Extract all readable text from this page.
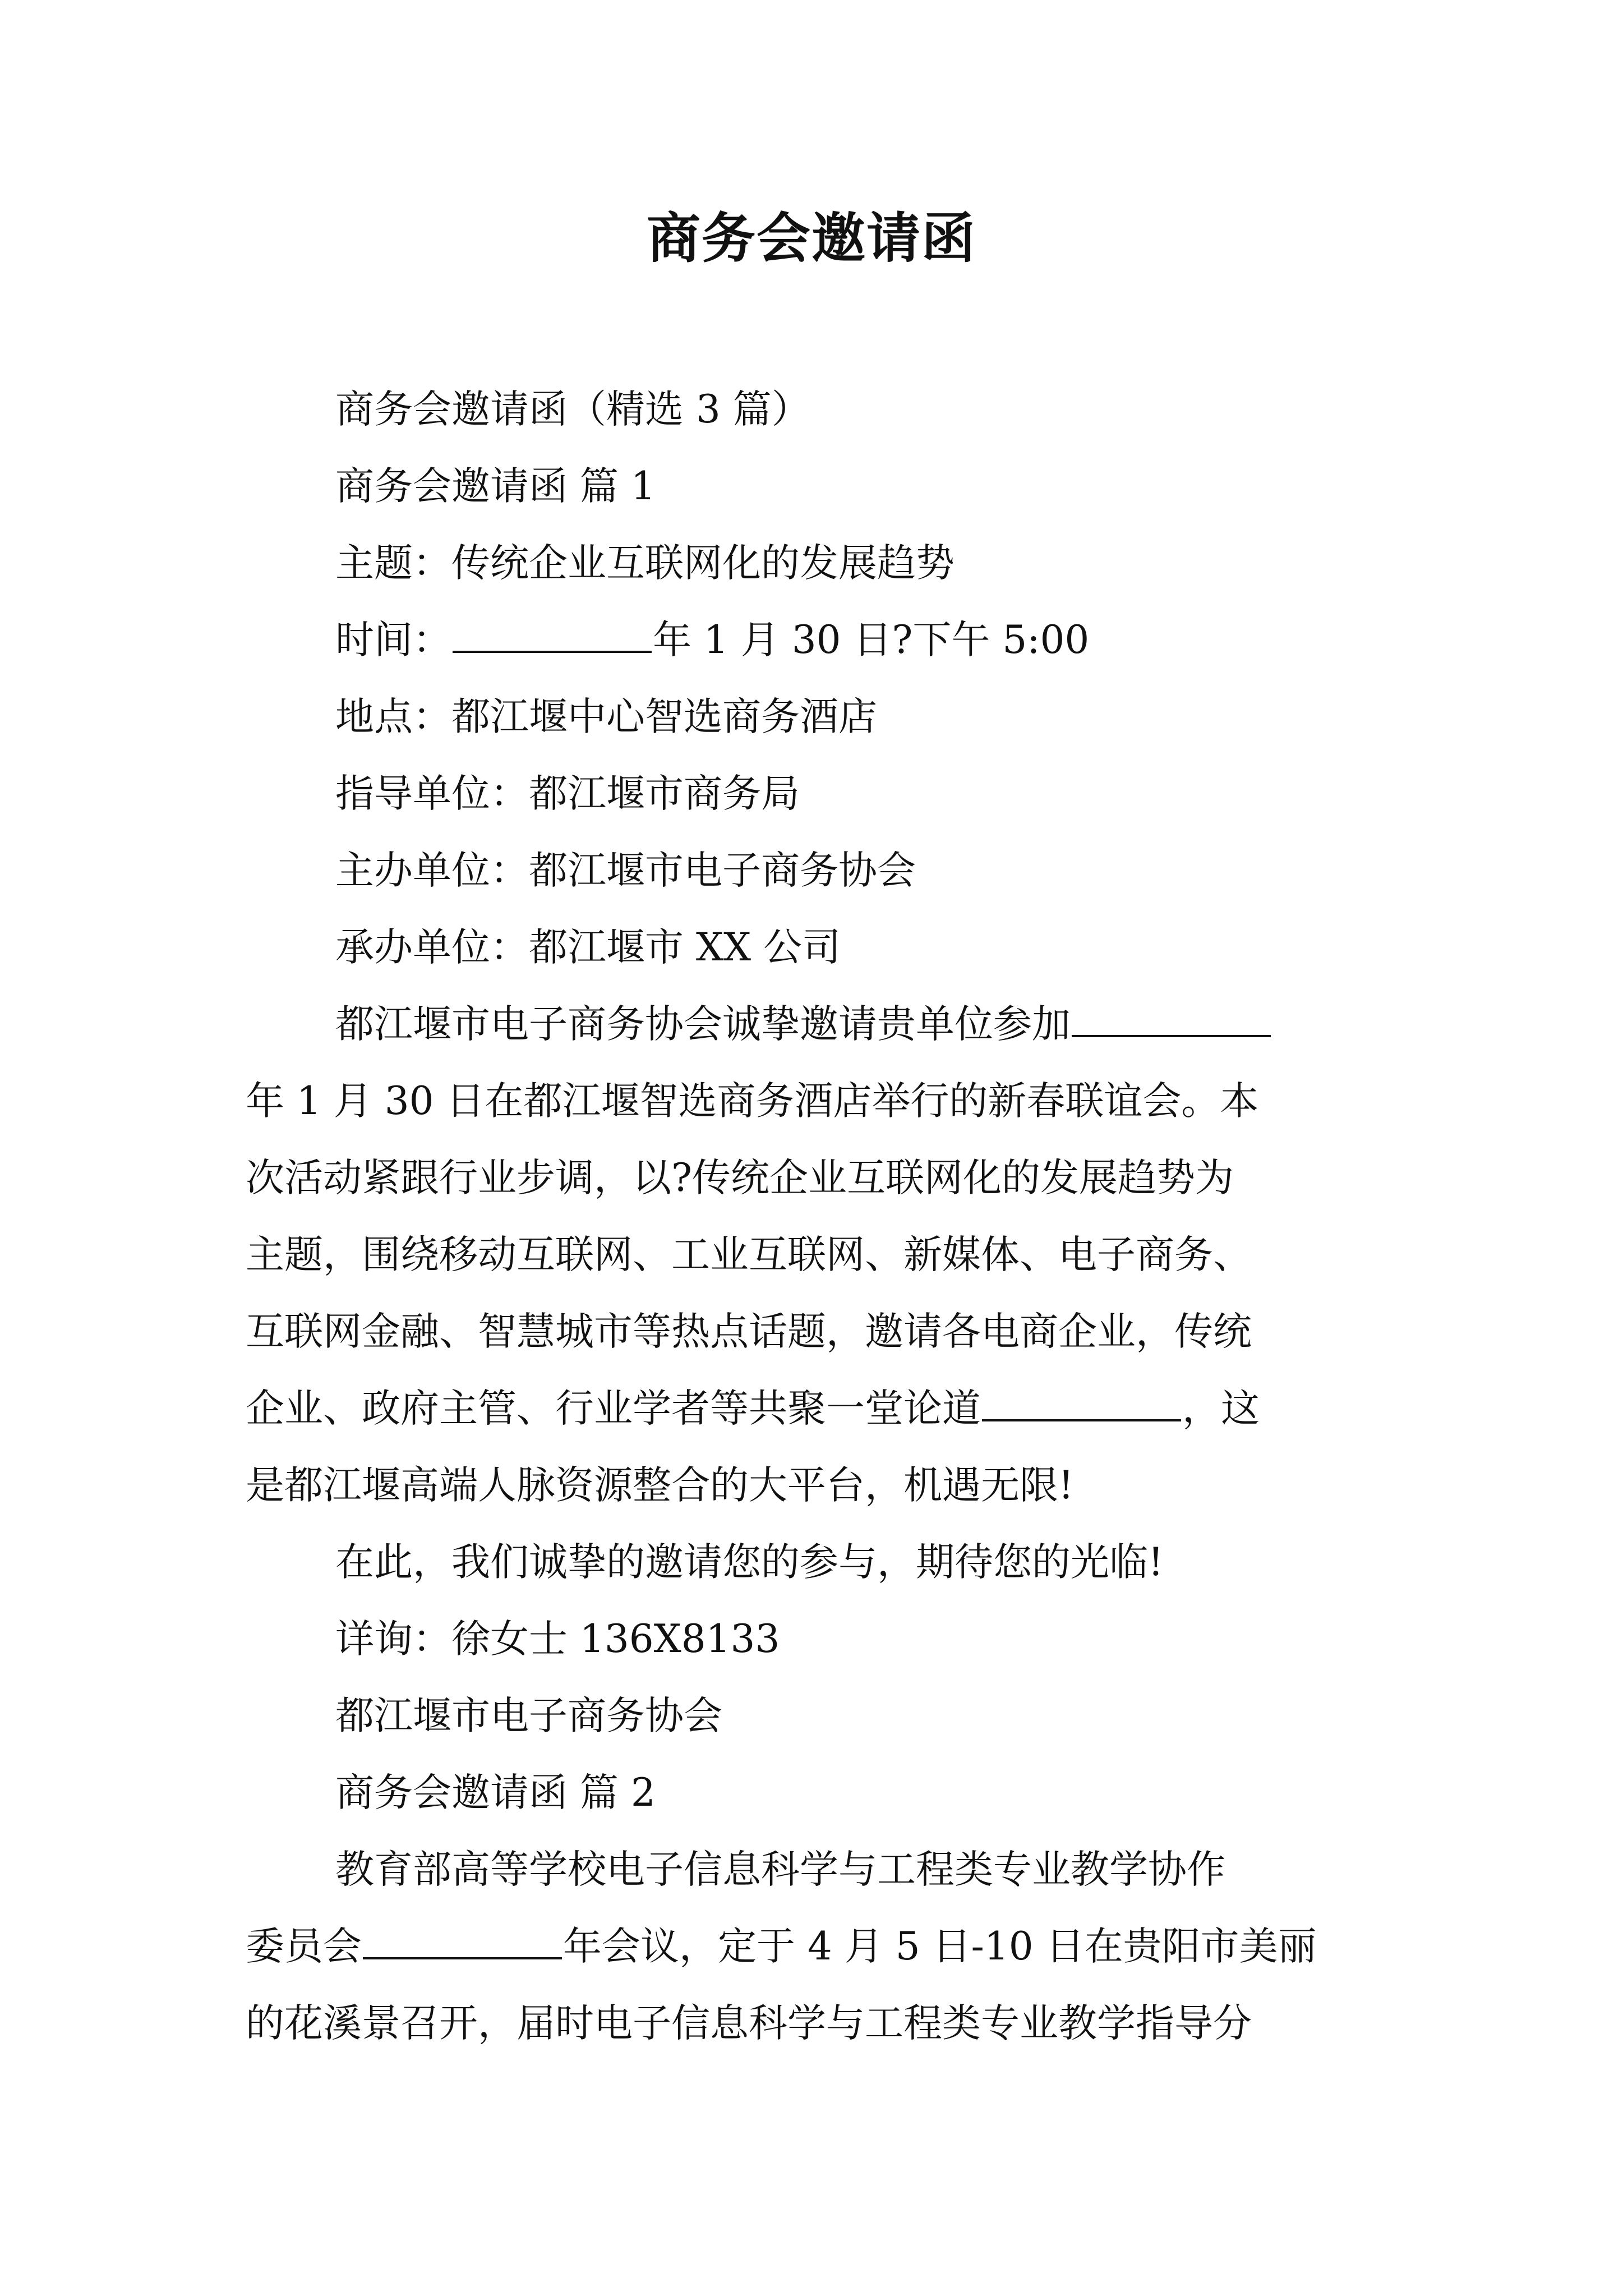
商务会邀请函

商务会邀请函（精选 3 篇）

商务会邀请函 篇 1

主题：传统企业互联网化的发展趋势

时间：	年 1 月 30 日?下午 5:00

地点：都江堰中心智选商务酒店

指导单位：都江堰市商务局

主办单位：都江堰市电子商务协会

承办单位：都江堰市 XX 公司

都江堰市电子商务协会诚挚邀请贵单位参加
年 1 月 30 日在都江堰智选商务酒店举行的新春联谊会。本
次活动紧跟行业步调，以?传统企业互联网化的发展趋势为
主题，围绕移动互联网、工业互联网、新媒体、电子商务、
互联网金融、智慧城市等热点话题，邀请各电商企业，传统
企业、政府主管、行业学者等共聚一堂论道	，这
是都江堰高端人脉资源整合的大平台，机遇无限!

在此，我们诚挚的邀请您的参与，期待您的光临!

详询：徐女士 136X8133

都江堰市电子商务协会

商务会邀请函 篇 2

教育部高等学校电子信息科学与工程类专业教学协作
委员会	年会议，定于 4 月 5 日-10 日在贵阳市美丽
的花溪景召开，届时电子信息科学与工程类专业教学指导分
